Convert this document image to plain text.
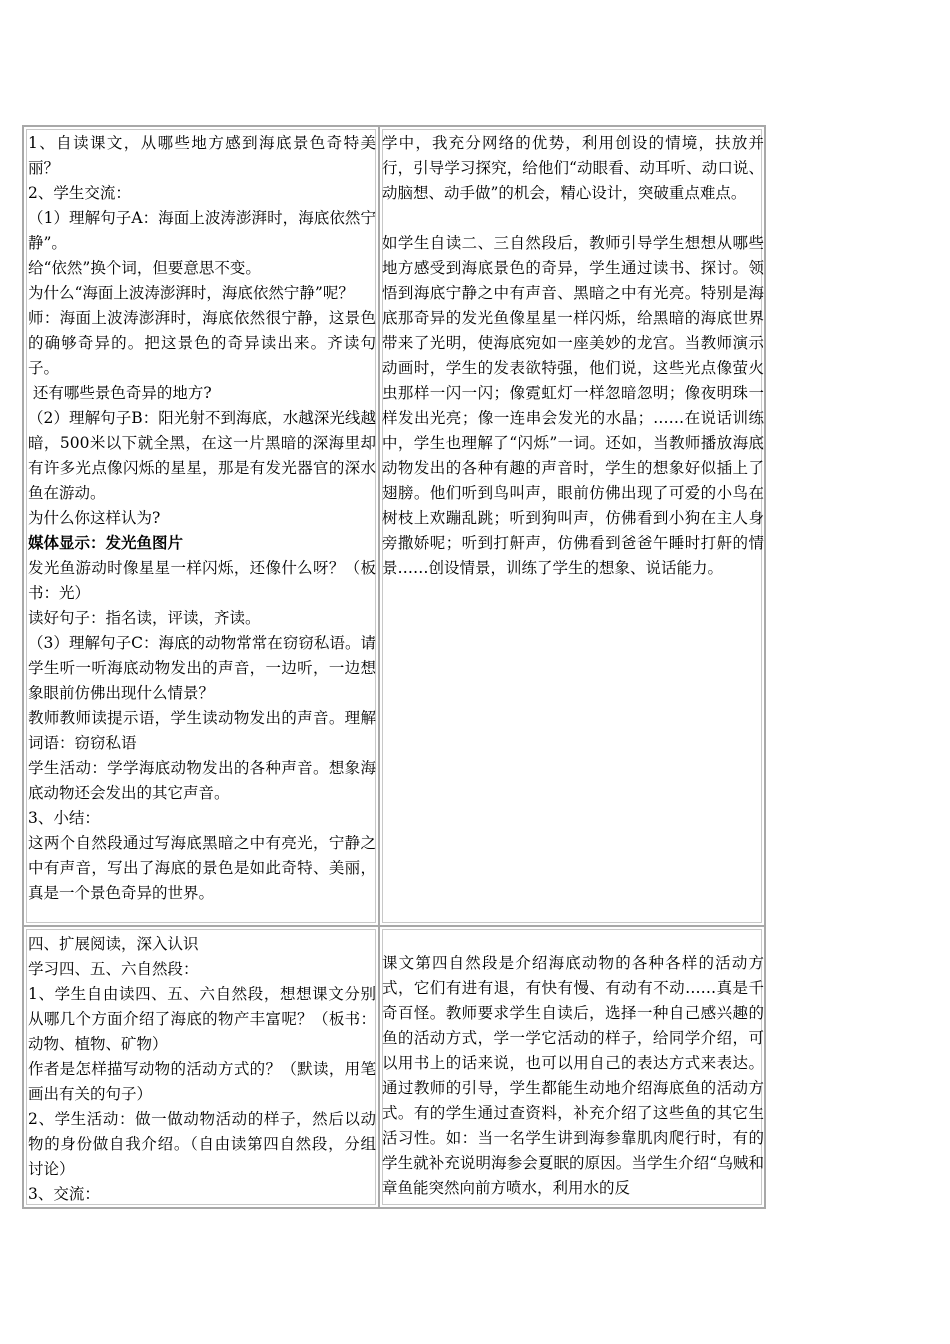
1、自读课文，从哪些地方感到海底景色奇特美丽？
2、学生交流：
（1）理解句子A：海面上波涛澎湃时，海底依然宁静”。
给“依然”换个词，但要意思不变。
为什么“海面上波涛澎湃时，海底依然宁静”呢？
师：海面上波涛澎湃时，海底依然很宁静，这景色的确够奇异的。把这景色的奇异读出来。齐读句子。
还有哪些景色奇异的地方?
（2）理解句子B：阳光射不到海底，水越深光线越暗，500米以下就全黑，在这一片黑暗的深海里却有许多光点像闪烁的星星，那是有发光器官的深水鱼在游动。
为什么你这样认为?
媒体显示：发光鱼图片
发光鱼游动时像星星一样闪烁，还像什么呀？（板书：光）
读好句子：指名读，评读，齐读。
（3）理解句子C：海底的动物常常在窃窃私语。请学生听一听海底动物发出的声音，一边听，一边想象眼前仿佛出现什么情景？
教师教师读提示语，学生读动物发出的声音。理解词语：窃窃私语
学生活动：学学海底动物发出的各种声音。想象海底动物还会发出的其它声音。
3、小结：
这两个自然段通过写海底黑暗之中有亮光，宁静之中有声音，写出了海底的景色是如此奇特、美丽，真是一个景色奇异的世界。
学中，我充分网络的优势，利用创设的情境，扶放并行，引导学习探究，给他们“动眼看、动耳听、动口说、动脑想、动手做”的机会，精心设计，突破重点难点。
如学生自读二、三自然段后，教师引导学生想想从哪些地方感受到海底景色的奇异，学生通过读书、探讨。领悟到海底宁静之中有声音、黑暗之中有光亮。特别是海底那奇异的发光鱼像星星一样闪烁，给黑暗的海底世界带来了光明，使海底宛如一座美妙的龙宫。当教师演示动画时，学生的发表欲特强，他们说，这些光点像萤火虫那样一闪一闪；像霓虹灯一样忽暗忽明；像夜明珠一样发出光亮；像一连串会发光的水晶；……在说话训练中，学生也理解了“闪烁”一词。还如，当教师播放海底动物发出的各种有趣的声音时，学生的想象好似插上了翅膀。他们听到鸟叫声，眼前仿佛出现了可爱的小鸟在树枝上欢蹦乱跳；听到狗叫声，仿佛看到小狗在主人身旁撒娇呢；听到打鼾声，仿佛看到爸爸午睡时打鼾的情景……创设情景，训练了学生的想象、说话能力。
四、扩展阅读，深入认识
学习四、五、六自然段：
1、学生自由读四、五、六自然段，想想课文分别从哪几个方面介绍了海底的物产丰富呢？（板书：动物、植物、矿物）
作者是怎样描写动物的活动方式的？（默读，用笔画出有关的句子）
2、学生活动：做一做动物活动的样子，然后以动物的身份做自我介绍。（自由读第四自然段，分组讨论）
3、交流：
课文第四自然段是介绍海底动物的各种各样的活动方式，它们有进有退，有快有慢、有动有不动……真是千奇百怪。教师要求学生自读后，选择一种自己感兴趣的鱼的活动方式，学一学它活动的样子，给同学介绍，可以用书上的话来说，也可以用自己的表达方式来表达。通过教师的引导，学生都能生动地介绍海底鱼的活动方式。有的学生通过查资料，补充介绍了这些鱼的其它生活习性。如：当一名学生讲到海参靠肌肉爬行时，有的学生就补充说明海参会夏眠的原因。当学生介绍“乌贼和章鱼能突然向前方喷水，利用水的反
